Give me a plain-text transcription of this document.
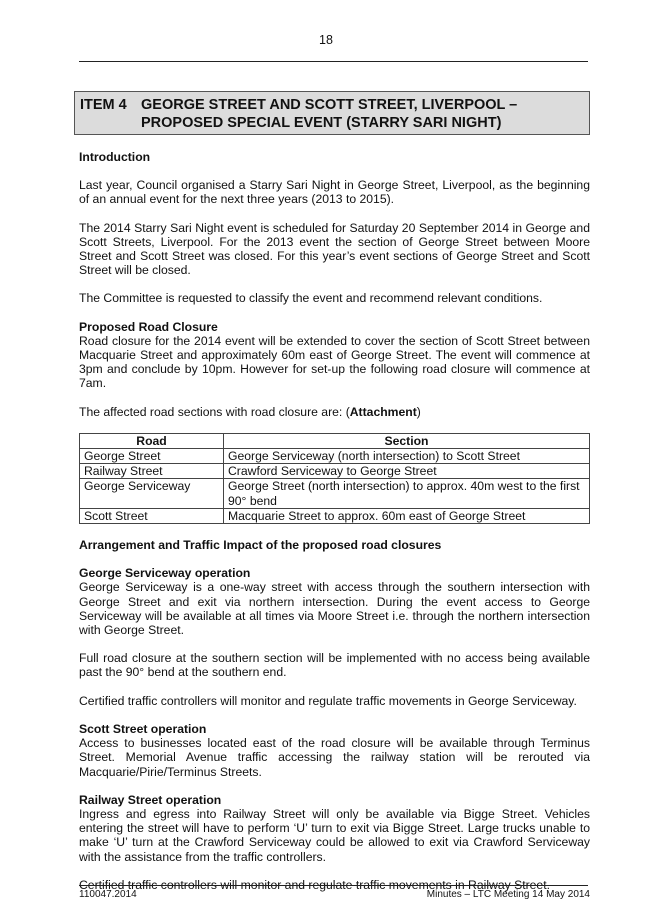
18
ITEM 4 GEORGE STREET AND SCOTT STREET, LIVERPOOL –
PROPOSED SPECIAL EVENT (STARRY SARI NIGHT)
Introduction

Last year, Council organised a Starry Sari Night in George Street, Liverpool, as the beginning of an annual event for the next three years (2013 to 2015).

The 2014 Starry Sari Night event is scheduled for Saturday 20 September 2014 in George and Scott Streets, Liverpool. For the 2013 event the section of George Street between Moore Street and Scott Street was closed. For this year’s event sections of George Street and Scott Street will be closed.

The Committee is requested to classify the event and recommend relevant conditions.

Proposed Road Closure

Road closure for the 2014 event will be extended to cover the section of Scott Street between Macquarie Street and approximately 60m east of George Street. The event will commence at 3pm and conclude by 10pm. However for set-up the following road closure will commence at 7am.

The affected road sections with road closure are: (Attachment)

Road	Section
George Street	George Serviceway (north intersection) to Scott Street
Railway Street	Crawford Serviceway to George Street
George Serviceway	George Street (north intersection) to approx. 40m west to the first 90° bend
Scott Street	Macquarie Street to approx. 60m east of George Street
Arrangement and Traffic Impact of the proposed road closures
George Serviceway operation

George Serviceway is a one-way street with access through the southern intersection with George Street and exit via northern intersection. During the event access to George Serviceway will be available at all times via Moore Street i.e. through the northern intersection with George Street.

Full road closure at the southern section will be implemented with no access being available past the 90° bend at the southern end.

Certified traffic controllers will monitor and regulate traffic movements in George Serviceway.

Scott Street operation

Access to businesses located east of the road closure will be available through Terminus Street. Memorial Avenue traffic accessing the railway station will be rerouted via Macquarie/Pirie/Terminus Streets.

Railway Street operation

Ingress and egress into Railway Street will only be available via Bigge Street. Vehicles entering the street will have to perform ‘U’ turn to exit via Bigge Street. Large trucks unable to make ‘U’ turn at the Crawford Serviceway could be allowed to exit via Crawford Serviceway with the assistance from the traffic controllers.

Certified traffic controllers will monitor and regulate traffic movements in Railway Street.

110047.2014	Minutes – LTC Meeting 14 May 2014
